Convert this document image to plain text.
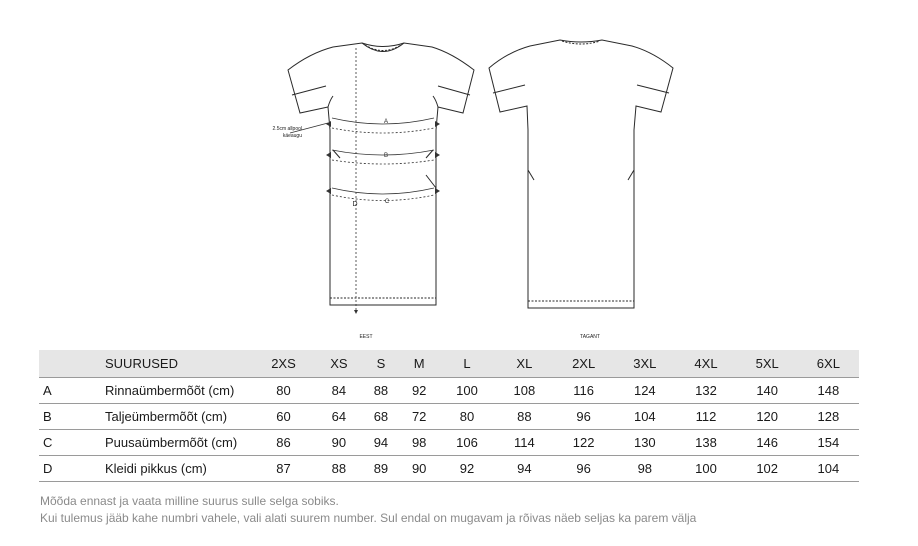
A
B
C
D
2.5cm allpool
käeaugu
EEST	TAGANT
	SUURUSED	2XS	XS	S	M	L	XL	2XL	3XL	4XL	5XL	6XL
A	Rinnaümbermõõt (cm)	80	84	88	92	100	108	116	124	132	140	148
B	Taljeümbermõõt (cm)	60	64	68	72	80	88	96	104	112	120	128
C	Puusaümbermõõt (cm)	86	90	94	98	106	114	122	130	138	146	154
D	Kleidi pikkus (cm)	87	88	89	90	92	94	96	98	100	102	104
Mõõda ennast ja vaata milline suurus sulle selga sobiks.
Kui tulemus jääb kahe numbri vahele, vali alati suurem number. Sul endal on mugavam ja rõivas näeb seljas ka parem välja
